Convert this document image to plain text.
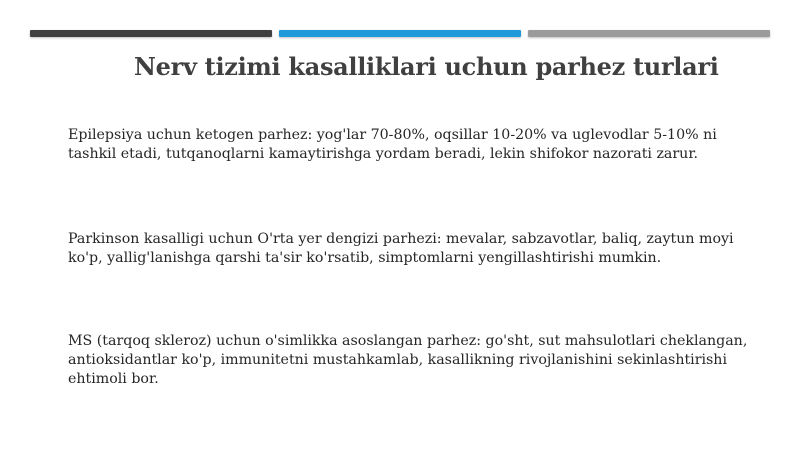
Nerv tizimi kasalliklari uchun parhez turlari

Epilepsiya uchun ketogen parhez: yog'lar 70-80%, oqsillar 10-20% va uglevodlar 5-10% ni tashkil etadi, tutqanoqlarni kamaytirishga yordam beradi, lekin shifokor nazorati zarur.

Parkinson kasalligi uchun O'rta yer dengizi parhezi: mevalar, sabzavotlar, baliq, zaytun moyi ko'p, yallig'lanishga qarshi ta'sir ko'rsatib, simptomlarni yengillashtirishi mumkin.

MS (tarqoq skleroz) uchun o'simlikka asoslangan parhez: go'sht, sut mahsulotlari cheklangan, antioksidantlar ko'p, immunitetni mustahkamlab, kasallikning rivojlanishini sekinlashtirishi ehtimoli bor.
